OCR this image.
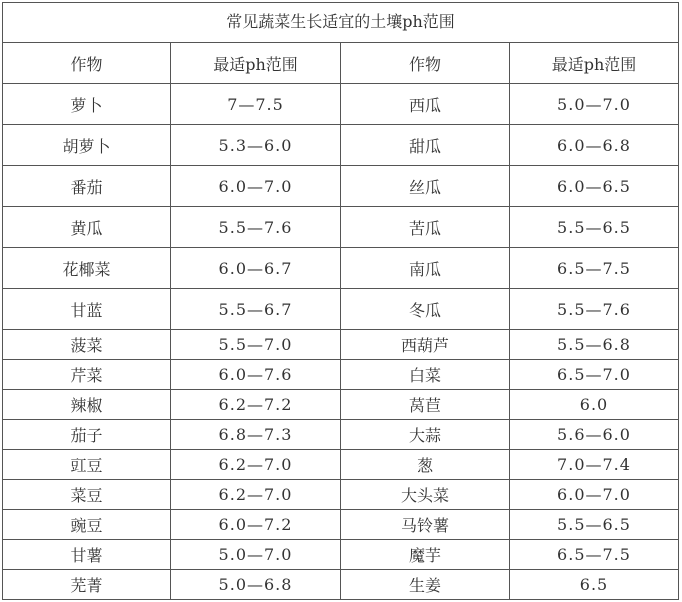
常见蔬菜生长适宜的土壤ph范围			
作物	最适ph范围	作物	最适ph范围
萝卜	7—7.5	西瓜	5.0—7.0
胡萝卜	5.3—6.0	甜瓜	6.0—6.8
番茄	6.0—7.0	丝瓜	6.0—6.5
黄瓜	5.5—7.6	苦瓜	5.5—6.5
花椰菜	6.0—6.7	南瓜	6.5—7.5
甘蓝	5.5—6.7	冬瓜	5.5—7.6
菠菜	5.5—7.0	西葫芦	5.5—6.8
芹菜	6.0—7.6	白菜	6.5—7.0
辣椒	6.2—7.2	莴苣	6.0
茄子	6.8—7.3	大蒜	5.6—6.0
豇豆	6.2—7.0	葱	7.0—7.4
菜豆	6.2—7.0	大头菜	6.0—7.0
豌豆	6.0—7.2	马铃薯	5.5—6.5
甘薯	5.0—7.0	魔芋	6.5—7.5
芜菁	5.0—6.8	生姜	6.5
